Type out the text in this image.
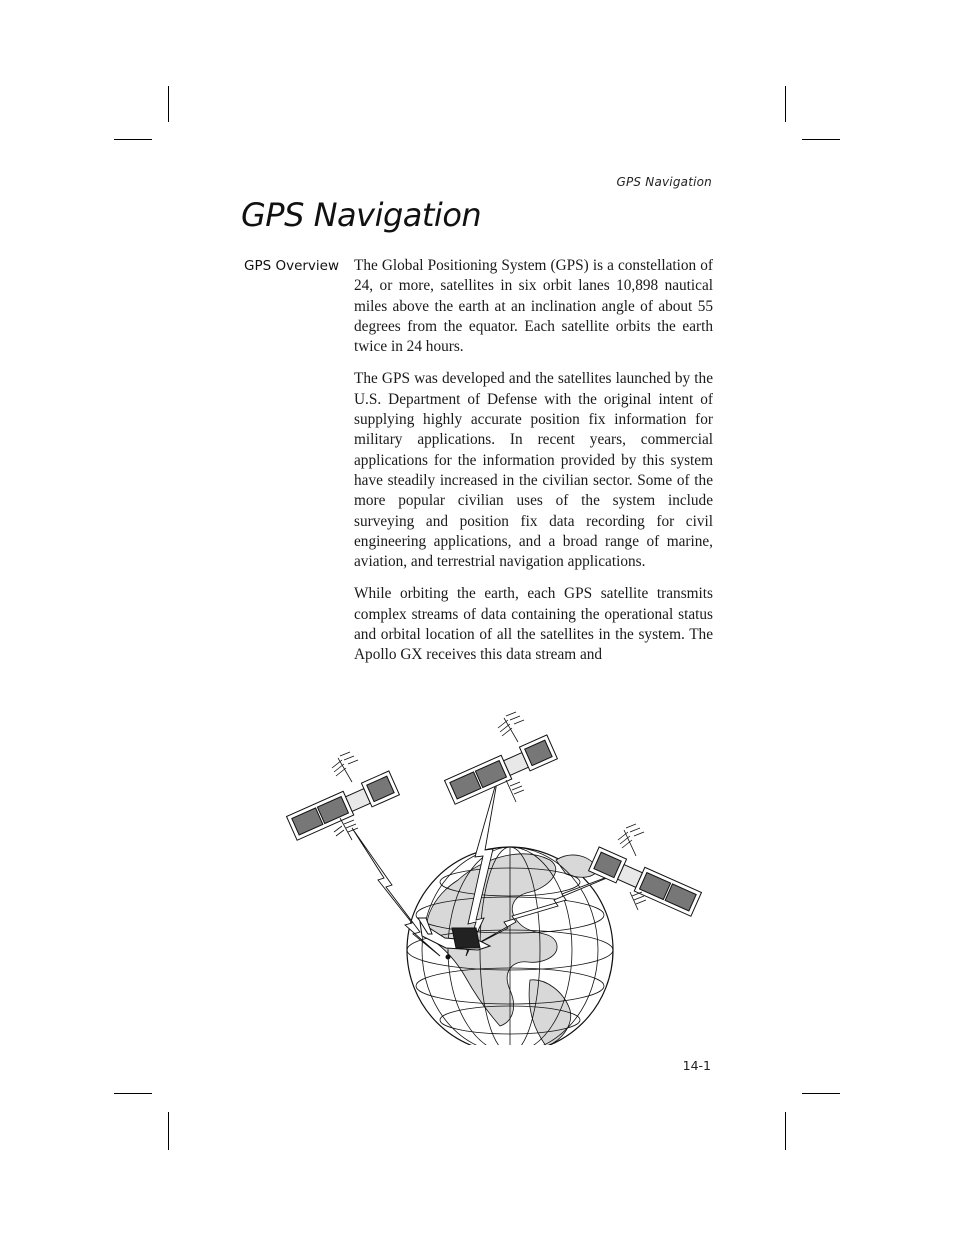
GPS Navigation
GPS Navigation
GPS Overview The Global Positioning System (GPS) is a constellation of 24, or more, satellites in six orbit lanes 10,898 nautical miles above the earth at an inclination angle of about 55 degrees from the equator. Each satellite orbits the earth twice in 24 hours.

The GPS was developed and the satellites launched by the U.S. Department of Defense with the original intent of supplying highly accurate position fix information for military applications. In recent years, commercial applications for the information provided by this system have steadily increased in the civilian sector. Some of the more popular civilian uses of the system include surveying and position fix data recording for civil engineering applications, and a broad range of marine, aviation, and terrestrial navigation applications.

While orbiting the earth, each GPS satellite transmits complex streams of data containing the operational status and orbital location of all the satellites in the system. The Apollo GX receives this data stream and

14-1
